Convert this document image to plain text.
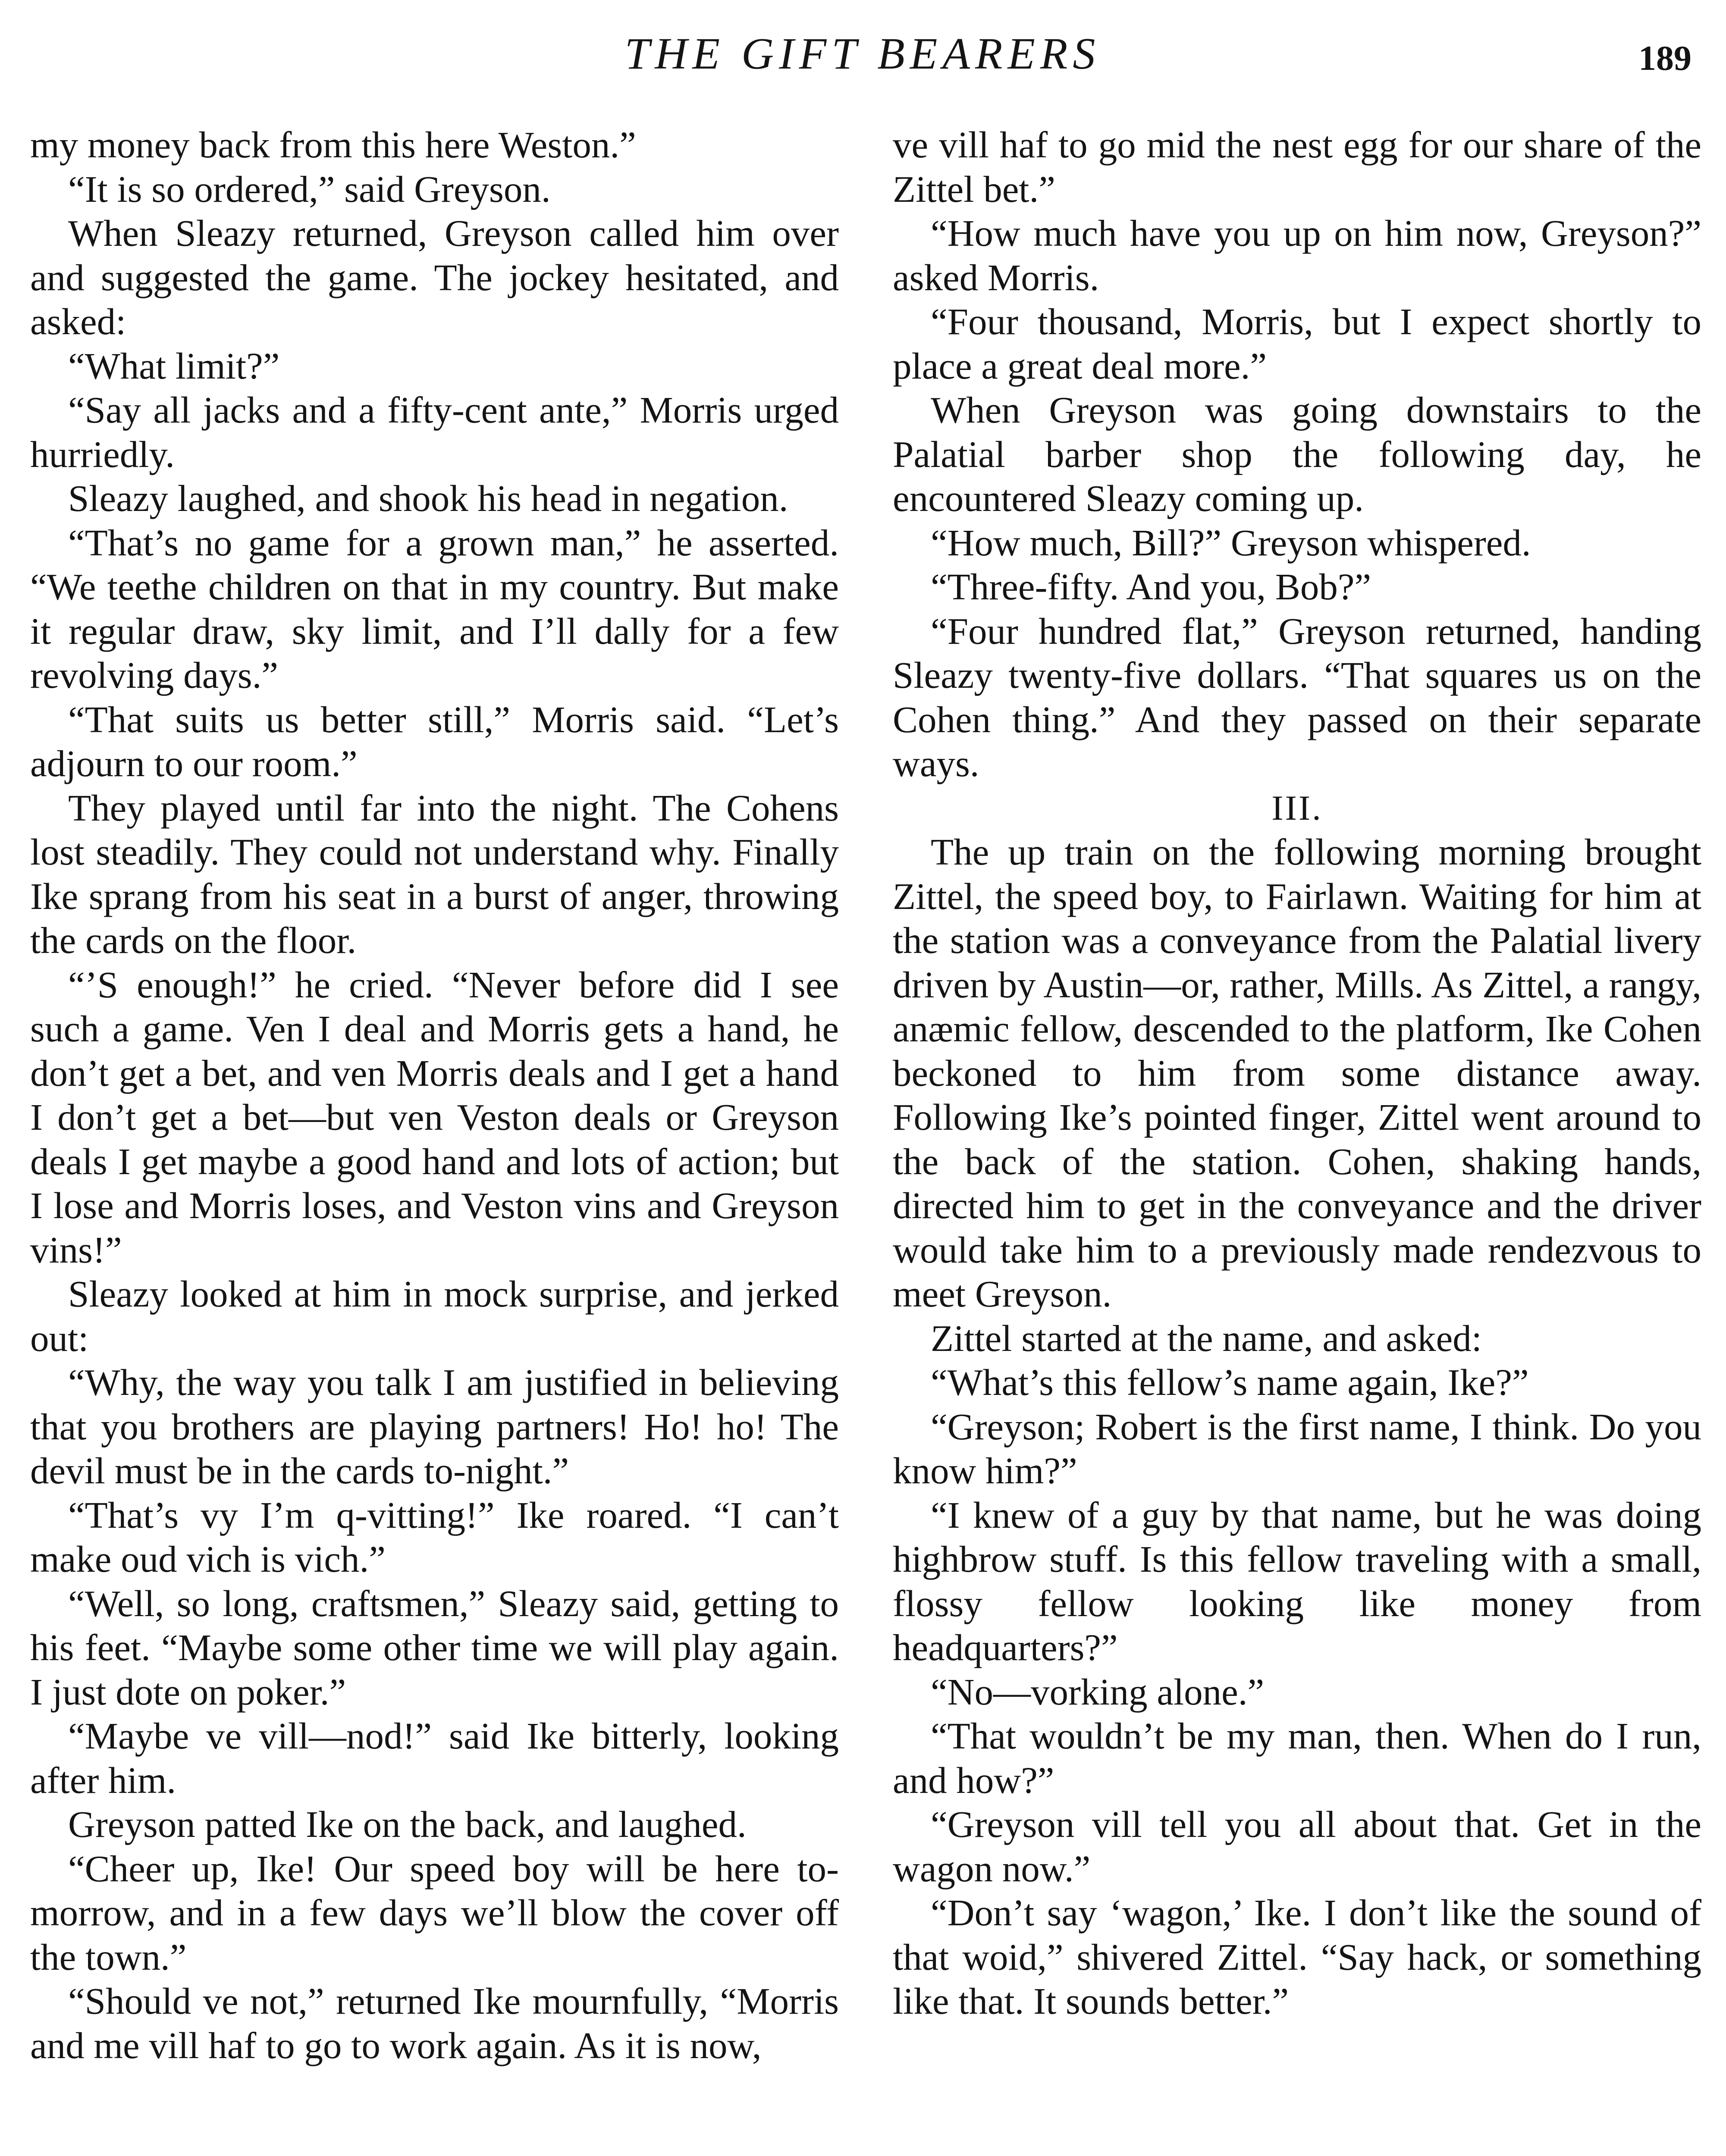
THE GIFT BEARERS	189

my money back from this here Weston.”

“It is so ordered,” said Greyson.

When Sleazy returned, Greyson called him over and suggested the game. The jockey hesitated, and asked:

“What limit?”

“Say all jacks and a fifty-cent ante,” Morris urged hurriedly.

Sleazy laughed, and shook his head in negation.

“That’s no game for a grown man,” he asserted. “We teethe children on that in my country. But make it regular draw, sky limit, and I’ll dally for a few revolving days.”

“That suits us better still,” Morris said. “Let’s adjourn to our room.”

They played until far into the night. The Cohens lost steadily. They could not understand why. Finally Ike sprang from his seat in a burst of anger, throwing the cards on the floor.

“’S enough!” he cried. “Never before did I see such a game. Ven I deal and Morris gets a hand, he don’t get a bet, and ven Morris deals and I get a hand I don’t get a bet—but ven Veston deals or Greyson deals I get maybe a good hand and lots of action; but I lose and Morris loses, and Veston vins and Greyson vins!”

Sleazy looked at him in mock surprise, and jerked out:

“Why, the way you talk I am justified in believing that you brothers are playing partners! Ho! ho! The devil must be in the cards to-night.”

“That’s vy I’m q-vitting!” Ike roared. “I can’t make oud vich is vich.”

“Well, so long, craftsmen,” Sleazy said, getting to his feet. “Maybe some other time we will play again. I just dote on poker.”

“Maybe ve vill—nod!” said Ike bitterly, looking after him.

Greyson patted Ike on the back, and laughed.

“Cheer up, Ike! Our speed boy will be here to-morrow, and in a few days we’ll blow the cover off the town.”

“Should ve not,” returned Ike mournfully, “Morris and me vill haf to go to work again. As it is now,

ve vill haf to go mid the nest egg for our share of the Zittel bet.”

“How much have you up on him now, Greyson?” asked Morris.

“Four thousand, Morris, but I expect shortly to place a great deal more.”

When Greyson was going downstairs to the Palatial barber shop the following day, he encountered Sleazy coming up.

“How much, Bill?” Greyson whispered.

“Three-fifty. And you, Bob?”

“Four hundred flat,” Greyson returned, handing Sleazy twenty-five dollars. “That squares us on the Cohen thing.” And they passed on their separate ways.

III.

The up train on the following morning brought Zittel, the speed boy, to Fairlawn. Waiting for him at the station was a conveyance from the Palatial livery driven by Austin—or, rather, Mills. As Zittel, a rangy, anæmic fellow, descended to the platform, Ike Cohen beckoned to him from some distance away. Following Ike’s pointed finger, Zittel went around to the back of the station. Cohen, shaking hands, directed him to get in the conveyance and the driver would take him to a previously made rendezvous to meet Greyson.

Zittel started at the name, and asked:

“What’s this fellow’s name again, Ike?”

“Greyson; Robert is the first name, I think. Do you know him?”

“I knew of a guy by that name, but he was doing highbrow stuff. Is this fellow traveling with a small, flossy fellow looking like money from headquarters?”

“No—vorking alone.”

“That wouldn’t be my man, then. When do I run, and how?”

“Greyson vill tell you all about that. Get in the wagon now.”

“Don’t say ‘wagon,’ Ike. I don’t like the sound of that woid,” shivered Zittel. “Say hack, or something like that. It sounds better.”
